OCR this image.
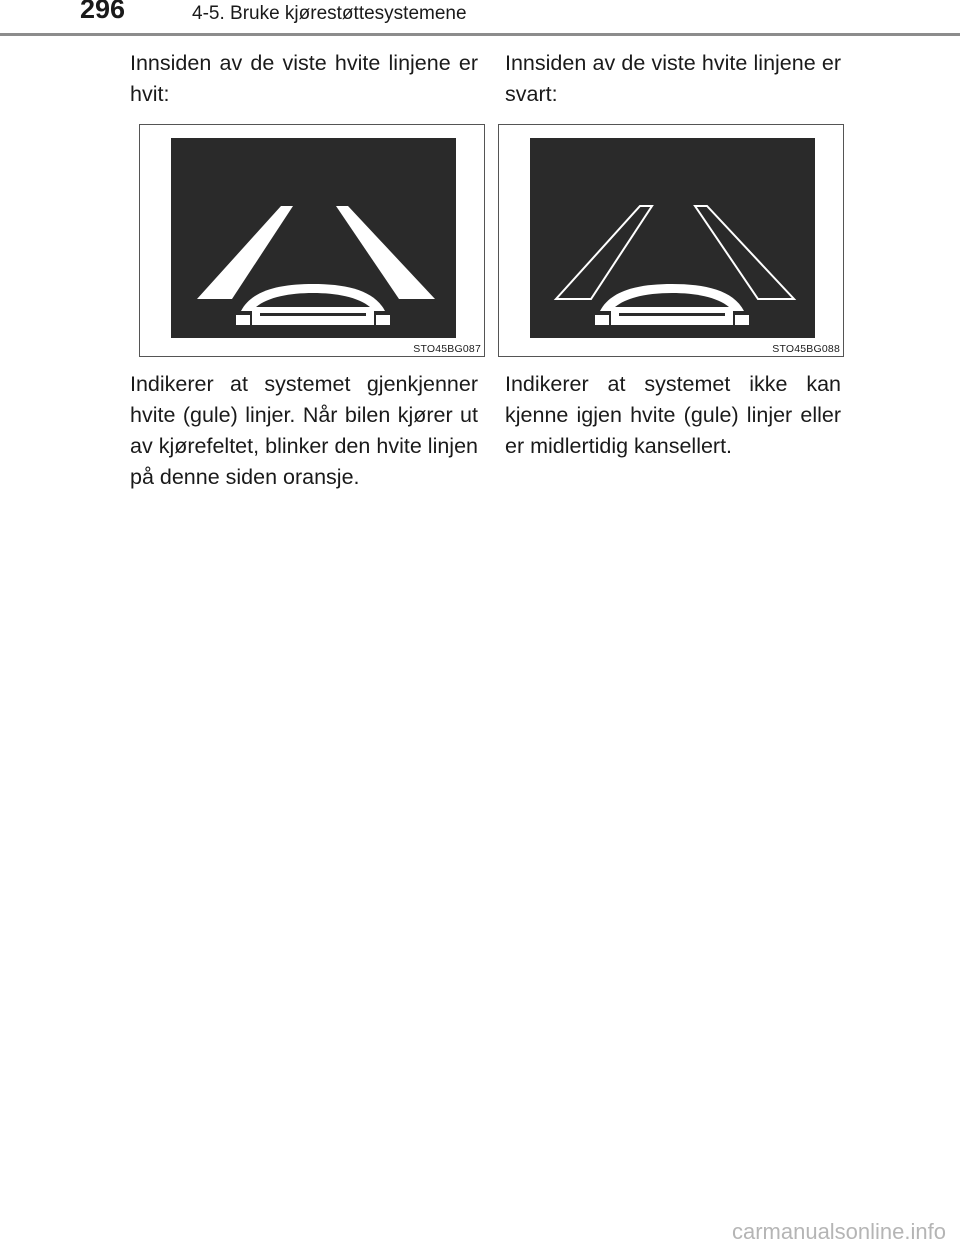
296	4-5. Bruke kjørestøttesystemene

Innsiden av de viste hvite linjene er hvit:

Innsiden av de viste hvite linjene er svart:

STO45BG087	STO45BG088

Indikerer at systemet gjenkjenner hvite (gule) linjer. Når bilen kjører ut av kjørefeltet, blinker den hvite linjen på denne siden oransje.

Indikerer at systemet ikke kan kjenne igjen hvite (gule) linjer eller er midlertidig kansellert.

carmanualsonline.info
